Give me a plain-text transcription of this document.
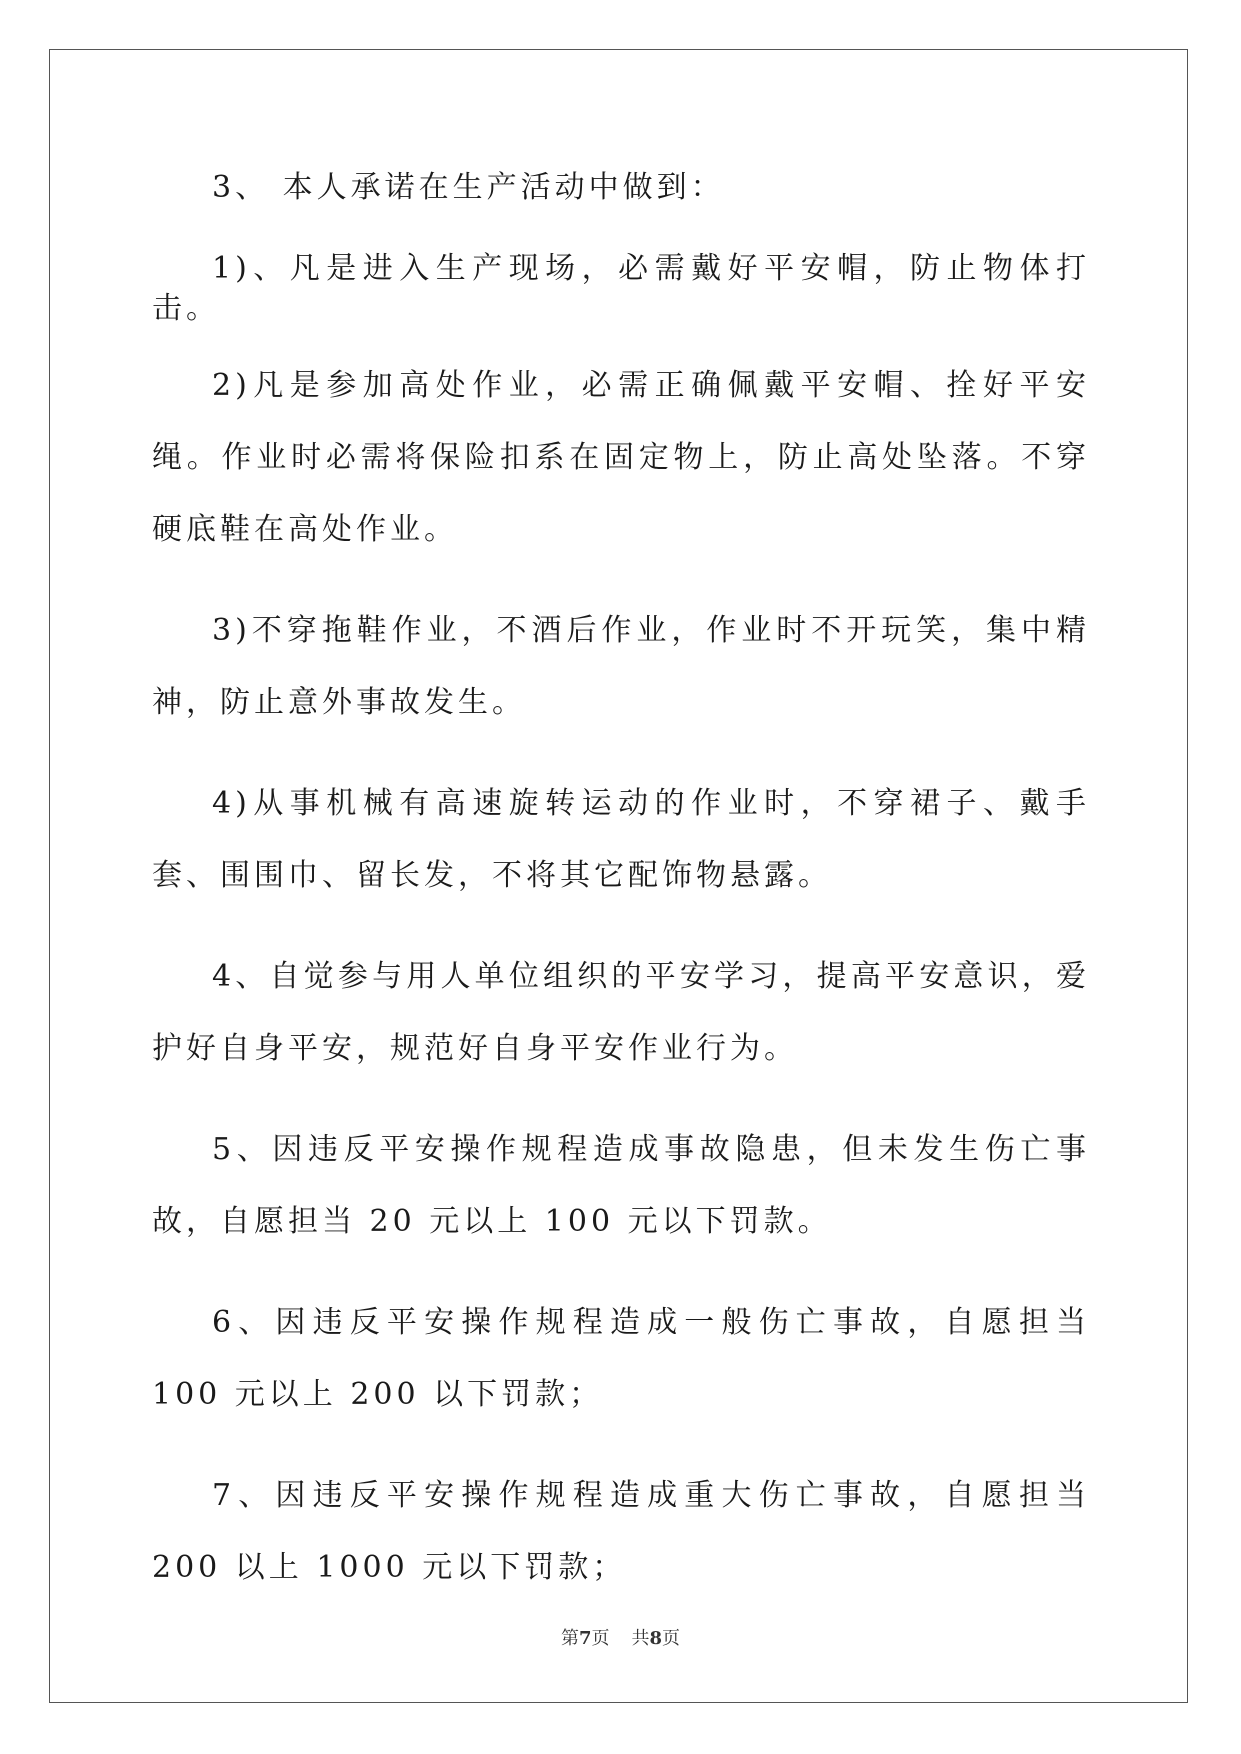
3、 本人承诺在生产活动中做到：

1)、凡是进入生产现场，必需戴好平安帽，防止物体打击。

2)凡是参加高处作业，必需正确佩戴平安帽、拴好平安绳。作业时必需将保险扣系在固定物上，防止高处坠落。不穿硬底鞋在高处作业。

3)不穿拖鞋作业，不酒后作业，作业时不开玩笑，集中精神，防止意外事故发生。

4)从事机械有高速旋转运动的作业时，不穿裙子、戴手套、围围巾、留长发，不将其它配饰物悬露。

4、自觉参与用人单位组织的平安学习，提高平安意识，爱护好自身平安，规范好自身平安作业行为。

5、因违反平安操作规程造成事故隐患，但未发生伤亡事故，自愿担当 20 元以上 100 元以下罚款。

6、因违反平安操作规程造成一般伤亡事故，自愿担当 100 元以上 200 以下罚款；

7、因违反平安操作规程造成重大伤亡事故，自愿担当 200 以上 1000 元以下罚款；

第7页 共8页
